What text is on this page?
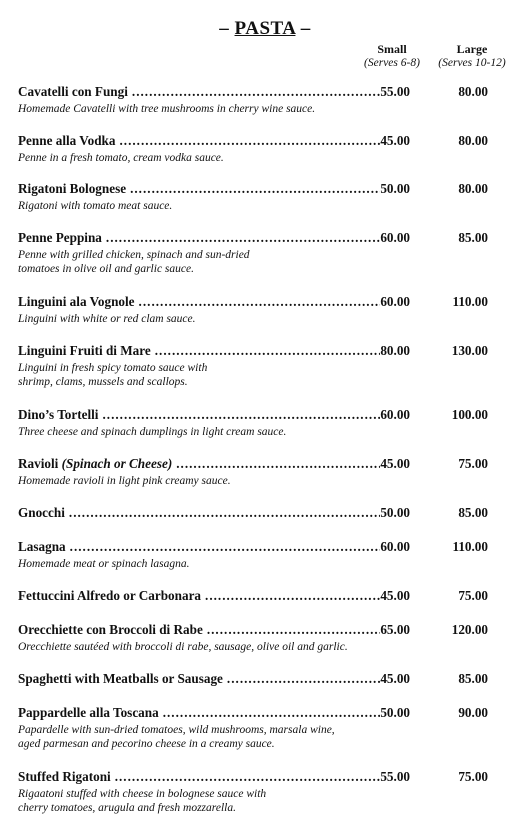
– PASTA –
Small
(Serves 6-8)
Large
(Serves 10-12)
Cavatelli con Fungi .....	55.00	80.00
Homemade Cavatelli with tree mushrooms in cherry wine sauce.
Penne alla Vodka .....	45.00	80.00
Penne in a fresh tomato, cream vodka sauce.
Rigatoni Bolognese .....	50.00	80.00
Rigatoni with tomato meat sauce.
Penne Peppina .....	60.00	85.00
Penne with grilled chicken, spinach and sun-dried
tomatoes in olive oil and garlic sauce.
Linguini ala Vognole .....	60.00	110.00
Linguini with white or red clam sauce.
Linguini Fruiti di Mare .....	80.00	130.00
Linguini in fresh spicy tomato sauce with
shrimp, clams, mussels and scallops.
Dino’s Tortelli .....	60.00	100.00
Three cheese and spinach dumplings in light cream sauce.
Ravioli (Spinach or Cheese) .....	45.00	75.00
Homemade ravioli in light pink creamy sauce.
Gnocchi .....	50.00	85.00
Lasagna .....	60.00	110.00
Homemade meat or spinach lasagna.
Fettuccini Alfredo or Carbonara .....	45.00	75.00
Orecchiette con Broccoli di Rabe .....	65.00	120.00
Orecchiette sautéed with broccoli di rabe, sausage, olive oil and garlic.
Spaghetti with Meatballs or Sausage .....	45.00	85.00
Pappardelle alla Toscana .....	50.00	90.00
Papardelle with sun-dried tomatoes, wild mushrooms, marsala wine,
aged parmesan and pecorino cheese in a creamy sauce.
Stuffed Rigatoni .....	55.00	75.00
Rigaatoni stuffed with cheese in bolognese sauce with
cherry tomatoes, arugula and fresh mozzarella.
